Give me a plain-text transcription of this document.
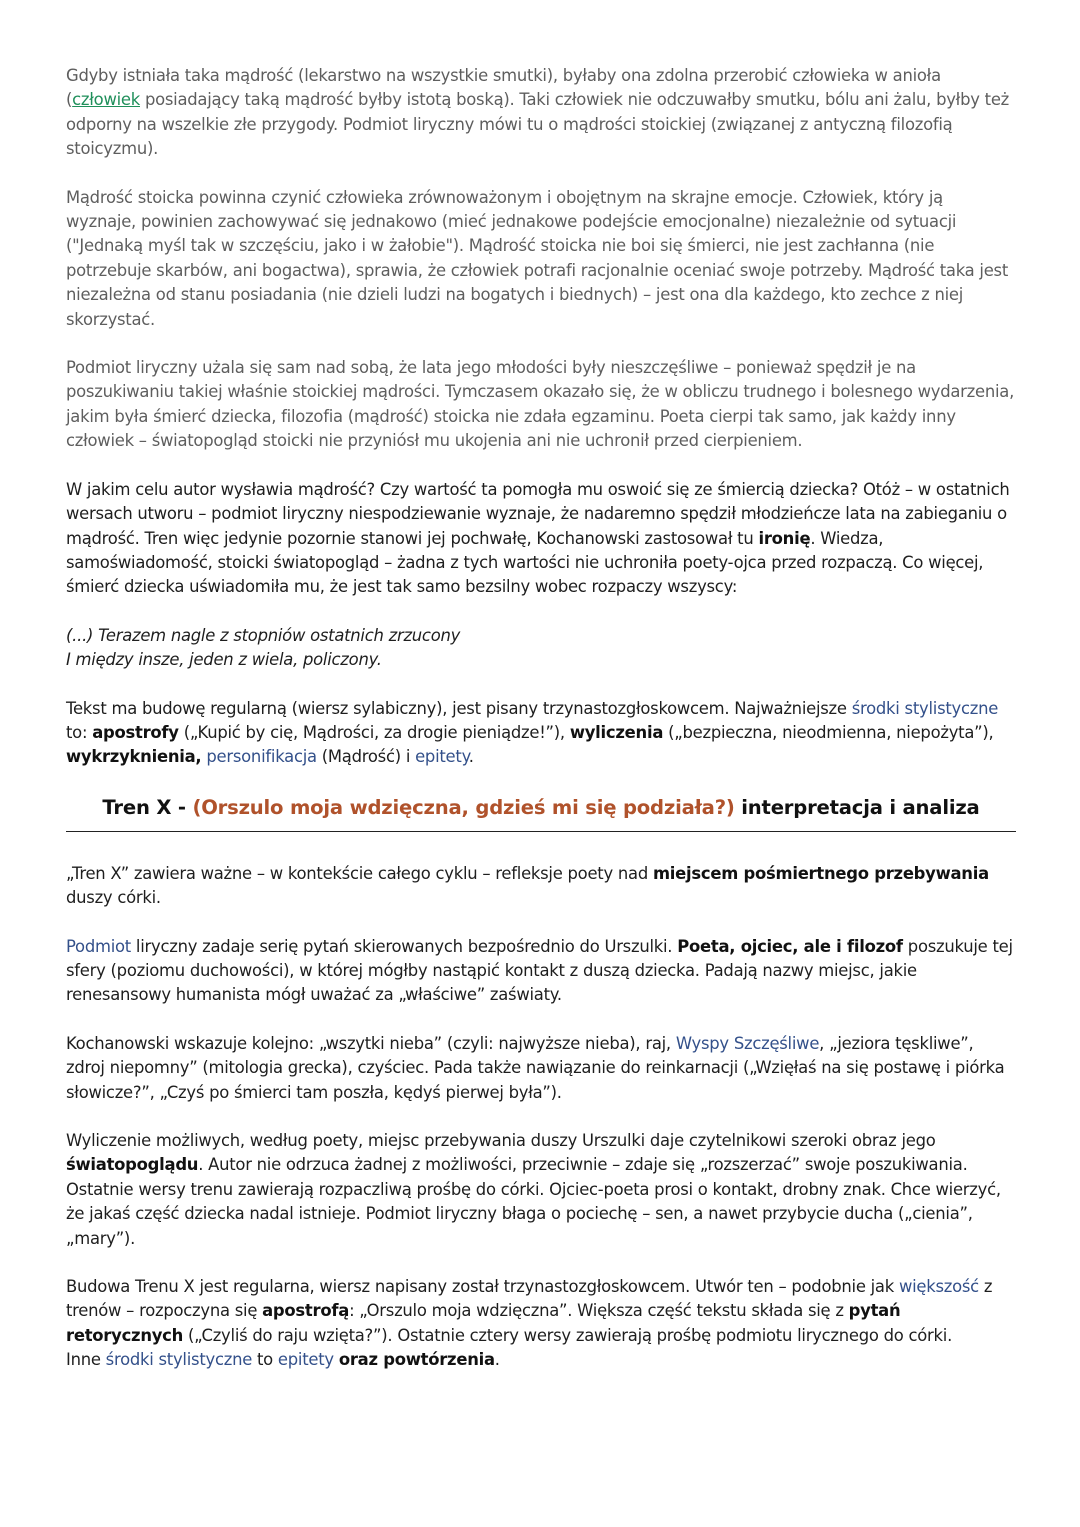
Gdyby istniała taka mądrość (lekarstwo na wszystkie smutki), byłaby ona zdolna przerobić człowieka w anioła (człowiek posiadający taką mądrość byłby istotą boską). Taki człowiek nie odczuwałby smutku, bólu ani żalu, byłby też odporny na wszelkie złe przygody. Podmiot liryczny mówi tu o mądrości stoickiej (związanej z antyczną filozofią stoicyzmu).

Mądrość stoicka powinna czynić człowieka zrównoważonym i obojętnym na skrajne emocje. Człowiek, który ją wyznaje, powinien zachowywać się jednakowo (mieć jednakowe podejście emocjonalne) niezależnie od sytuacji ("Jednaką myśl tak w szczęściu, jako i w żałobie"). Mądrość stoicka nie boi się śmierci, nie jest zachłanna (nie potrzebuje skarbów, ani bogactwa), sprawia, że człowiek potrafi racjonalnie oceniać swoje potrzeby. Mądrość taka jest niezależna od stanu posiadania (nie dzieli ludzi na bogatych i biednych) – jest ona dla każdego, kto zechce z niej skorzystać.

Podmiot liryczny użala się sam nad sobą, że lata jego młodości były nieszczęśliwe – ponieważ spędził je na poszukiwaniu takiej właśnie stoickiej mądrości. Tymczasem okazało się, że w obliczu trudnego i bolesnego wydarzenia, jakim była śmierć dziecka, filozofia (mądrość) stoicka nie zdała egzaminu. Poeta cierpi tak samo, jak każdy inny człowiek – światopogląd stoicki nie przyniósł mu ukojenia ani nie uchronił przed cierpieniem.

W jakim celu autor wysławia mądrość? Czy wartość ta pomogła mu oswoić się ze śmiercią dziecka? Otóż – w ostatnich wersach utworu – podmiot liryczny niespodziewanie wyznaje, że nadaremno spędził młodzieńcze lata na zabieganiu o mądrość. Tren więc jedynie pozornie stanowi jej pochwałę, Kochanowski zastosował tu ironię. Wiedza, samoświadomość, stoicki światopogląd – żadna z tych wartości nie uchroniła poety-ojca przed rozpaczą. Co więcej, śmierć dziecka uświadomiła mu, że jest tak samo bezsilny wobec rozpaczy wszyscy:

(...) Terazem nagle z stopniów ostatnich zrzucony
I między insze, jeden z wiela, policzony.

Tekst ma budowę regularną (wiersz sylabiczny), jest pisany trzynastozgłoskowcem. Najważniejsze środki stylistyczne to: apostrofy („Kupić by cię, Mądrości, za drogie pieniądze!”), wyliczenia („bezpieczna, nieodmienna, niepożyta”), wykrzyknienia, personifikacja (Mądrość) i epitety.

Tren X - (Orszulo moja wdzięczna, gdzieś mi się podziała?) interpretacja i analiza

„Tren X” zawiera ważne – w kontekście całego cyklu – refleksje poety nad miejscem pośmiertnego przebywania duszy córki.

Podmiot liryczny zadaje serię pytań skierowanych bezpośrednio do Urszulki. Poeta, ojciec, ale i filozof poszukuje tej sfery (poziomu duchowości), w której mógłby nastąpić kontakt z duszą dziecka. Padają nazwy miejsc, jakie renesansowy humanista mógł uważać za „właściwe” zaświaty.

Kochanowski wskazuje kolejno: „wszytki nieba” (czyli: najwyższe nieba), raj, Wyspy Szczęśliwe, „jeziora tęskliwe”, zdroj niepomny” (mitologia grecka), czyściec. Pada także nawiązanie do reinkarnacji („Wzięłaś na się postawę i piórka słowicze?”, „Czyś po śmierci tam poszła, kędyś pierwej była”).

Wyliczenie możliwych, według poety, miejsc przebywania duszy Urszulki daje czytelnikowi szeroki obraz jego światopoglądu. Autor nie odrzuca żadnej z możliwości, przeciwnie – zdaje się „rozszerzać” swoje poszukiwania. Ostatnie wersy trenu zawierają rozpaczliwą prośbę do córki. Ojciec-poeta prosi o kontakt, drobny znak. Chce wierzyć, że jakaś część dziecka nadal istnieje. Podmiot liryczny błaga o pociechę – sen, a nawet przybycie ducha („cienia”, „mary”).

Budowa Trenu X jest regularna, wiersz napisany został trzynastozgłoskowcem. Utwór ten – podobnie jak większość z trenów – rozpoczyna się apostrofą: „Orszulo moja wdzięczna”. Większa część tekstu składa się z pytań retorycznych („Czyliś do raju wzięta?”). Ostatnie cztery wersy zawierają prośbę podmiotu lirycznego do córki.
Inne środki stylistyczne to epitety oraz powtórzenia.
